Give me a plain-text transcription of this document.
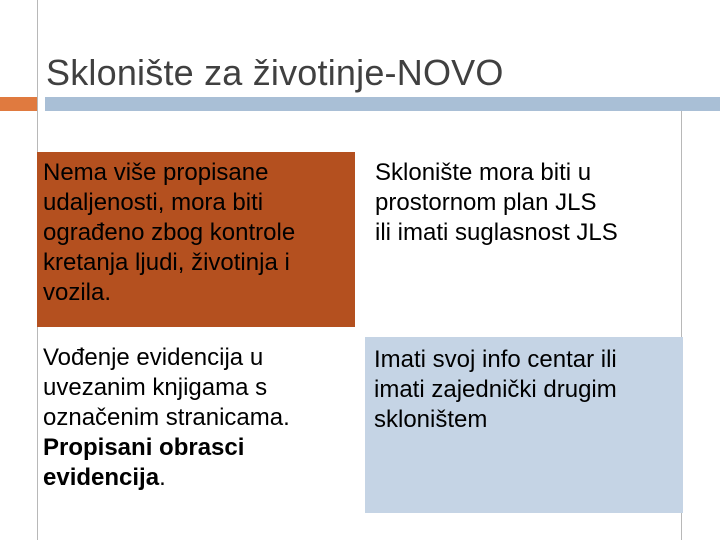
Sklonište za životinje-NOVO
Nema više propisane
udaljenosti, mora biti
ograđeno zbog kontrole
kretanja ljudi, životinja i
vozila.
Sklonište mora biti u
prostornom plan JLS
ili imati suglasnost JLS
Vođenje evidencija u
uvezanim knjigama s
označenim stranicama.
Propisani obrasci
evidencija.
Imati svoj info centar ili
imati zajednički drugim
skloništem
